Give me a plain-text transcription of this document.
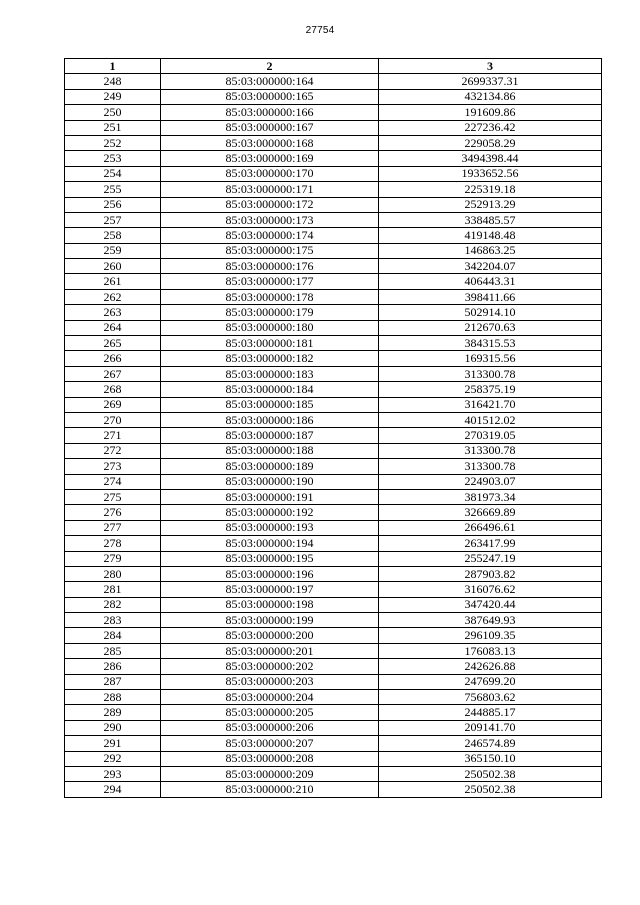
27754
1	2	3
248	85:03:000000:164	2699337.31
249	85:03:000000:165	432134.86
250	85:03:000000:166	191609.86
251	85:03:000000:167	227236.42
252	85:03:000000:168	229058.29
253	85:03:000000:169	3494398.44
254	85:03:000000:170	1933652.56
255	85:03:000000:171	225319.18
256	85:03:000000:172	252913.29
257	85:03:000000:173	338485.57
258	85:03:000000:174	419148.48
259	85:03:000000:175	146863.25
260	85:03:000000:176	342204.07
261	85:03:000000:177	406443.31
262	85:03:000000:178	398411.66
263	85:03:000000:179	502914.10
264	85:03:000000:180	212670.63
265	85:03:000000:181	384315.53
266	85:03:000000:182	169315.56
267	85:03:000000:183	313300.78
268	85:03:000000:184	258375.19
269	85:03:000000:185	316421.70
270	85:03:000000:186	401512.02
271	85:03:000000:187	270319.05
272	85:03:000000:188	313300.78
273	85:03:000000:189	313300.78
274	85:03:000000:190	224903.07
275	85:03:000000:191	381973.34
276	85:03:000000:192	326669.89
277	85:03:000000:193	266496.61
278	85:03:000000:194	263417.99
279	85:03:000000:195	255247.19
280	85:03:000000:196	287903.82
281	85:03:000000:197	316076.62
282	85:03:000000:198	347420.44
283	85:03:000000:199	387649.93
284	85:03:000000:200	296109.35
285	85:03:000000:201	176083.13
286	85:03:000000:202	242626.88
287	85:03:000000:203	247699.20
288	85:03:000000:204	756803.62
289	85:03:000000:205	244885.17
290	85:03:000000:206	209141.70
291	85:03:000000:207	246574.89
292	85:03:000000:208	365150.10
293	85:03:000000:209	250502.38
294	85:03:000000:210	250502.38
